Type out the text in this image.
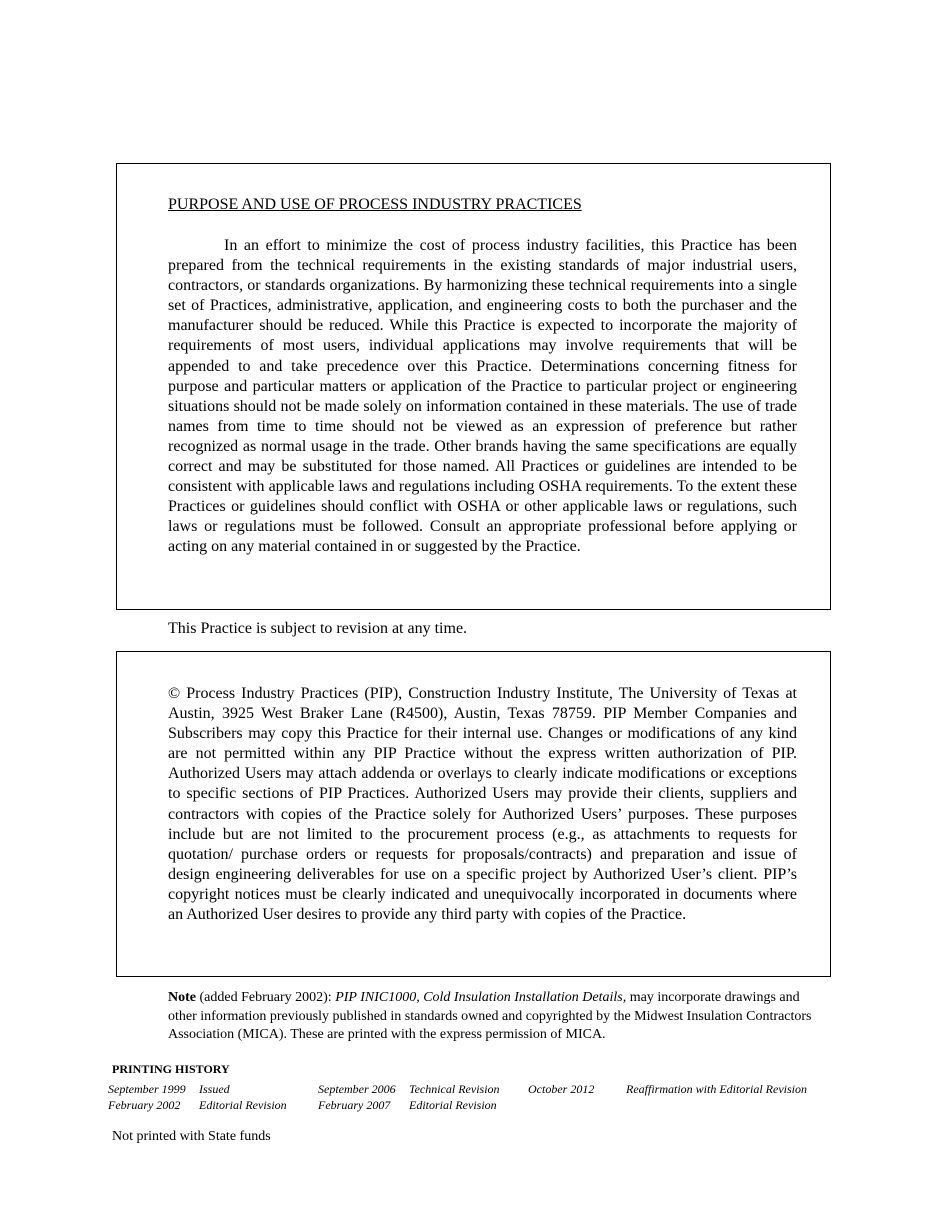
PURPOSE AND USE OF PROCESS INDUSTRY PRACTICES

In an effort to minimize the cost of process industry facilities, this Practice has been prepared from the technical requirements in the existing standards of major industrial users, contractors, or standards organizations. By harmonizing these technical requirements into a single set of Practices, administrative, application, and engineering costs to both the purchaser and the manufacturer should be reduced. While this Practice is expected to incorporate the majority of requirements of most users, individual applications may involve requirements that will be appended to and take precedence over this Practice. Determinations concerning fitness for purpose and particular matters or application of the Practice to particular project or engineering situations should not be made solely on information contained in these materials. The use of trade names from time to time should not be viewed as an expression of preference but rather recognized as normal usage in the trade. Other brands having the same specifications are equally correct and may be substituted for those named. All Practices or guidelines are intended to be consistent with applicable laws and regulations including OSHA requirements. To the extent these Practices or guidelines should conflict with OSHA or other applicable laws or regulations, such laws or regulations must be followed. Consult an appropriate professional before applying or acting on any material contained in or suggested by the Practice.

This Practice is subject to revision at any time.

© Process Industry Practices (PIP), Construction Industry Institute, The University of Texas at Austin, 3925 West Braker Lane (R4500), Austin, Texas 78759. PIP Member Companies and Subscribers may copy this Practice for their internal use. Changes or modifications of any kind are not permitted within any PIP Practice without the express written authorization of PIP. Authorized Users may attach addenda or overlays to clearly indicate modifications or exceptions to specific sections of PIP Practices. Authorized Users may provide their clients, suppliers and contractors with copies of the Practice solely for Authorized Users’ purposes. These purposes include but are not limited to the procurement process (e.g., as attachments to requests for quotation/ purchase orders or requests for proposals/contracts) and preparation and issue of design engineering deliverables for use on a specific project by Authorized User’s client. PIP’s copyright notices must be clearly indicated and unequivocally incorporated in documents where an Authorized User desires to provide any third party with copies of the Practice.

Note (added February 2002): PIP INIC1000, Cold Insulation Installation Details, may incorporate drawings and other information previously published in standards owned and copyrighted by the Midwest Insulation Contractors Association (MICA). These are printed with the express permission of MICA.

PRINTING HISTORY
September 1999 Issued
February 2002 Editorial Revision
September 2006 Technical Revision
February 2007 Editorial Revision
October 2012	Reaffirmation with Editorial Revision
Not printed with State funds
